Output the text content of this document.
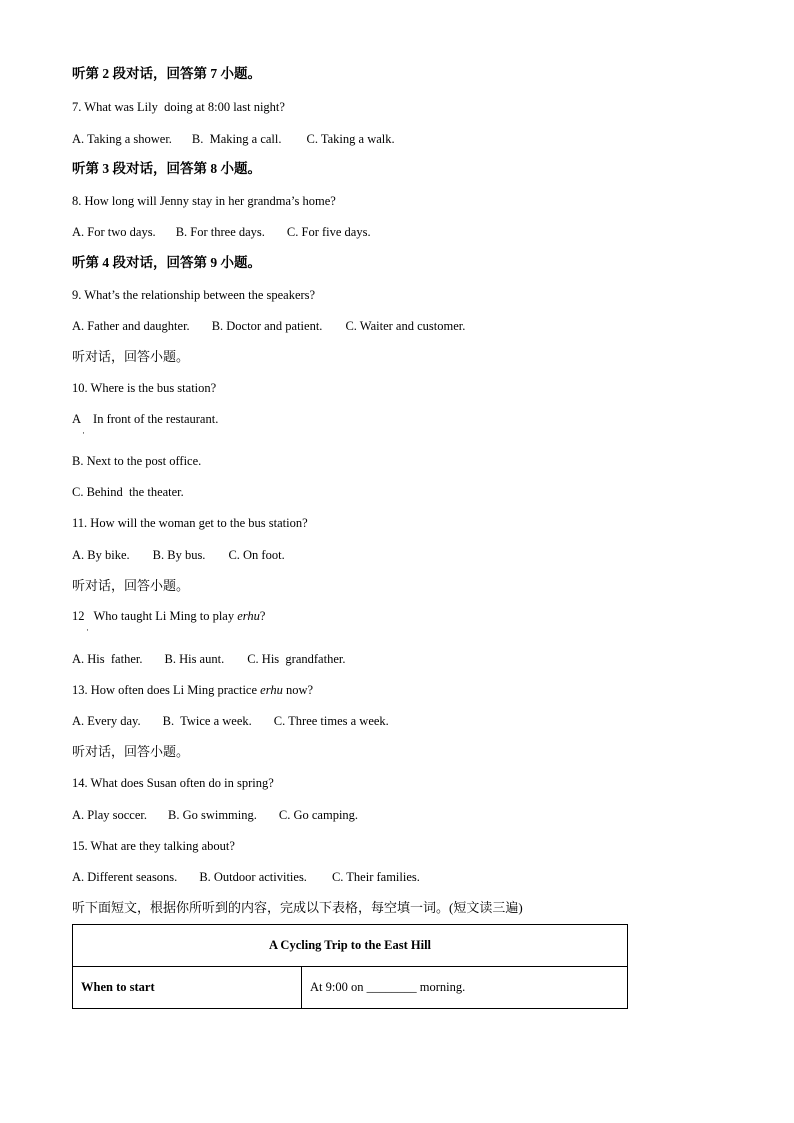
听第 2 段对话，回答第 7 小题。
7. What was Lily  doing at 8:00 last night?
A. Taking a shower. B.  Making a call. C. Taking a walk.
听第 3 段对话，回答第 8 小题。
8. How long will Jenny stay in her grandma’s home?
A. For two days. B. For three days. C. For five days.
听第 4 段对话，回答第 9 小题。
9. What’s the relationship between the speakers?
A. Father and daughter. B. Doctor and patient. C. Waiter and customer.
听对话，回答小题。
10. Where is the bus station?
A In front of the restaurant.
·
B. Next to the post office.
C. Behind  the theater.
11. How will the woman get to the bus station?
A. By bike. B. By bus. C. On foot.
听对话，回答小题。
12 Who taught Li Ming to play erhu?
·
A. His  father. B. His aunt. C. His  grandfather.
13. How often does Li Ming practice erhu now?
A. Every day. B.  Twice a week. C. Three times a week.
听对话，回答小题。
14. What does Susan often do in spring?
A. Play soccer. B. Go swimming. C. Go camping.
15. What are they talking about?
A. Different seasons. B. Outdoor activities. C. Their families.
听下面短文，根据你所听到的内容，完成以下表格，每空填一词。(短文读三遍)
A Cycling Trip to the East Hill
When to start	At 9:00 on ________ morning.
